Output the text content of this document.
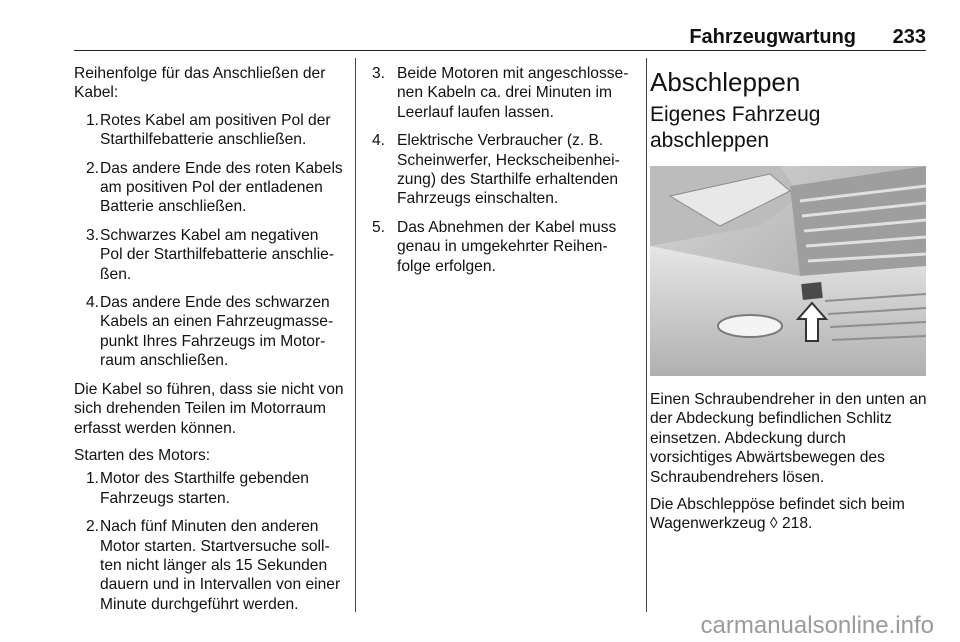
Fahrzeugwartung 233

Reihenfolge für das Anschließen der Kabel:

1. Rotes Kabel am positiven Pol der Starthilfebatterie anschließen.
2. Das andere Ende des roten Kabels am positiven Pol der entladenen Batterie anschließen.
3. Schwarzes Kabel am negativen Pol der Starthilfebatterie anschließen.
4. Das andere Ende des schwarzen Kabels an einen Fahrzeugmassepunkt Ihres Fahrzeugs im Motorraum anschließen.

Die Kabel so führen, dass sie nicht von sich drehenden Teilen im Motorraum erfasst werden können.

Starten des Motors:

1. Motor des Starthilfe gebenden Fahrzeugs starten.
2. Nach fünf Minuten den anderen Motor starten. Startversuche sollten nicht länger als 15 Sekunden dauern und in Intervallen von einer Minute durchgeführt werden.
3. Beide Motoren mit angeschlossenen Kabeln ca. drei Minuten im Leerlauf laufen lassen.
4. Elektrische Verbraucher (z. B. Scheinwerfer, Heckscheibenheizung) des Starthilfe erhaltenden Fahrzeugs einschalten.
5. Das Abnehmen der Kabel muss genau in umgekehrter Reihenfolge erfolgen.
Abschleppen
Eigenes Fahrzeug abschleppen

Einen Schraubendreher in den unten an der Abdeckung befindlichen Schlitz einsetzen. Abdeckung durch vorsichtiges Abwärtsbewegen des Schraubendrehers lösen.

Die Abschleppöse befindet sich beim Wagenwerkzeug ◊ 218.

carmanualsonline.info
